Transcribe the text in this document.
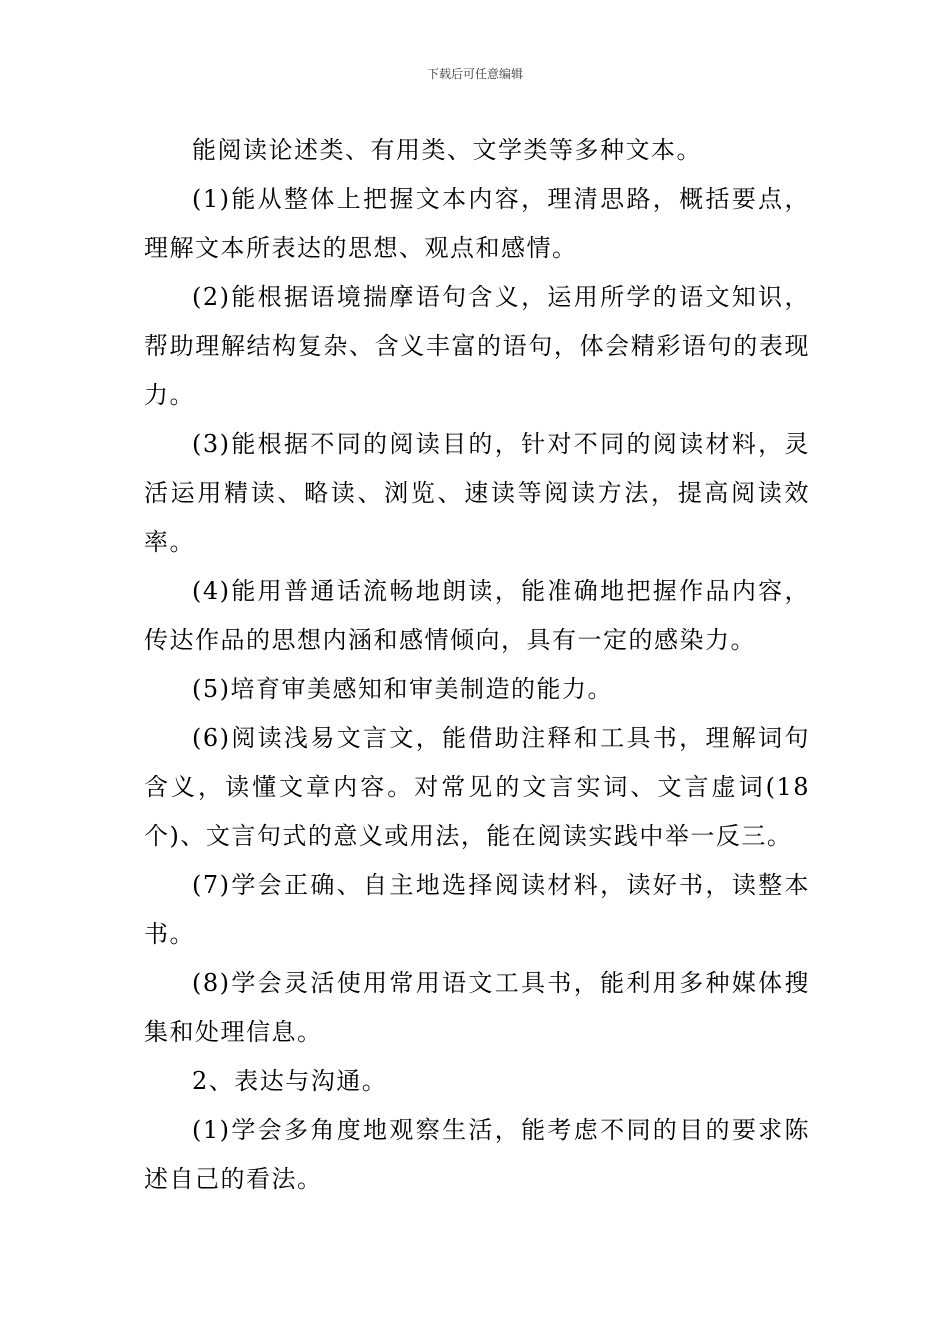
下载后可任意编辑

能阅读论述类、有用类、文学类等多种文本。

(1)能从整体上把握文本内容，理清思路，概括要点，理解文本所表达的思想、观点和感情。

(2)能根据语境揣摩语句含义，运用所学的语文知识，帮助理解结构复杂、含义丰富的语句，体会精彩语句的表现力。

(3)能根据不同的阅读目的，针对不同的阅读材料，灵活运用精读、略读、浏览、速读等阅读方法，提高阅读效率。

(4)能用普通话流畅地朗读，能准确地把握作品内容，传达作品的思想内涵和感情倾向，具有一定的感染力。

(5)培育审美感知和审美制造的能力。

(6)阅读浅易文言文，能借助注释和工具书，理解词句含义，读懂文章内容。对常见的文言实词、文言虚词(18个)、文言句式的意义或用法，能在阅读实践中举一反三。

(7)学会正确、自主地选择阅读材料，读好书，读整本书。

(8)学会灵活使用常用语文工具书，能利用多种媒体搜集和处理信息。

2、表达与沟通。

(1)学会多角度地观察生活，能考虑不同的目的要求陈述自己的看法。
